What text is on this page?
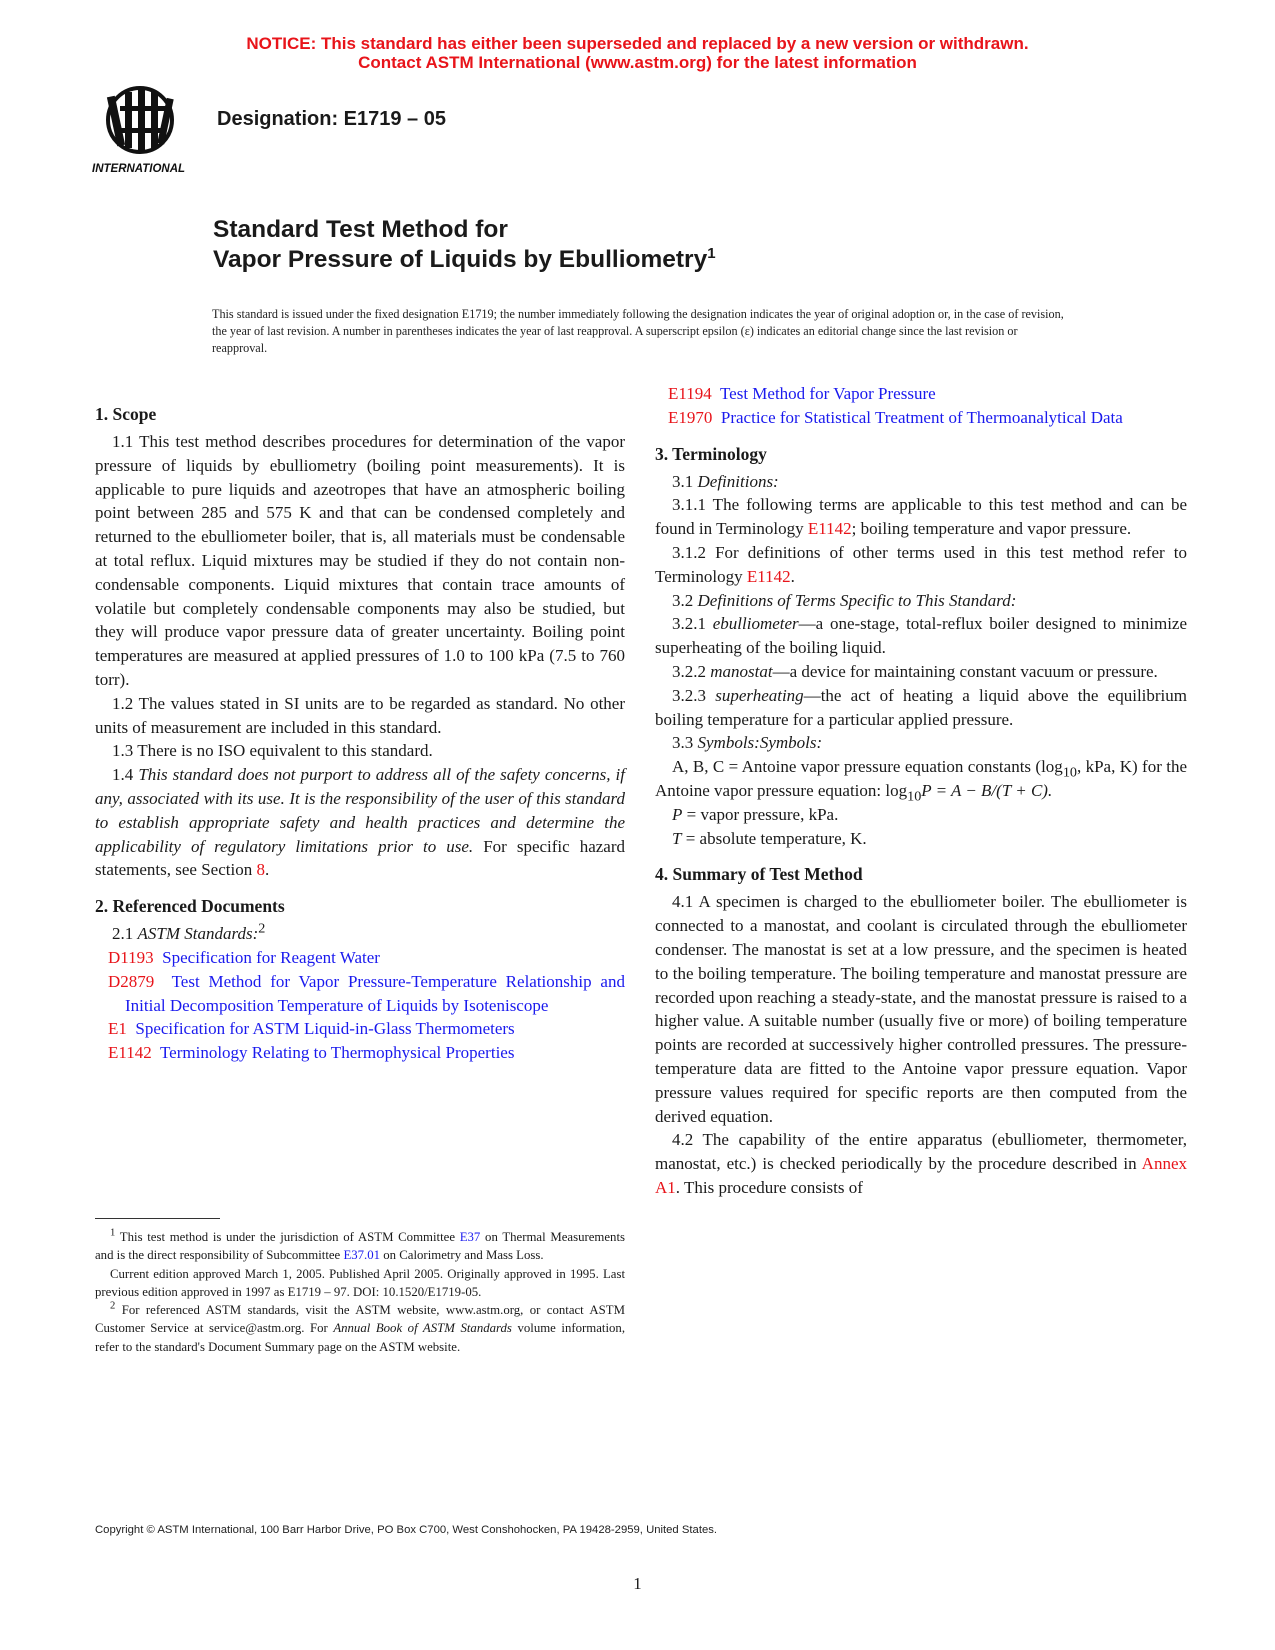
NOTICE: This standard has either been superseded and replaced by a new version or withdrawn.
Contact ASTM International (www.astm.org) for the latest information
INTERNATIONAL
Designation: E1719 – 05
Standard Test Method for
Vapor Pressure of Liquids by Ebulliometry$^1$
This standard is issued under the fixed designation E1719; the number immediately following the designation indicates the year of original adoption or, in the case of revision, the year of last revision. A number in parentheses indicates the year of last reapproval. A superscript epsilon (ε) indicates an editorial change since the last revision or reapproval.
1. Scope

1.1 This test method describes procedures for determination of the vapor pressure of liquids by ebulliometry (boiling point measurements). It is applicable to pure liquids and azeotropes that have an atmospheric boiling point between 285 and 575 K and that can be condensed completely and returned to the ebulliometer boiler, that is, all materials must be condensable at total reflux. Liquid mixtures may be studied if they do not contain non-condensable components. Liquid mixtures that contain trace amounts of volatile but completely condensable components may also be studied, but they will produce vapor pressure data of greater uncertainty. Boiling point temperatures are measured at applied pressures of 1.0 to 100 kPa (7.5 to 760 torr).

1.2 The values stated in SI units are to be regarded as standard. No other units of measurement are included in this standard.

1.3 There is no ISO equivalent to this standard.

1.4 This standard does not purport to address all of the safety concerns, if any, associated with its use. It is the responsibility of the user of this standard to establish appropriate safety and health practices and determine the applicability of regulatory limitations prior to use. For specific hazard statements, see Section 8.

2. Referenced Documents

2.1 ASTM Standards:$^2$

D1193 Specification for Reagent Water

D2879 Test Method for Vapor Pressure-Temperature Relationship and Initial Decomposition Temperature of Liquids by Isoteniscope

E1 Specification for ASTM Liquid-in-Glass Thermometers

E1142 Terminology Relating to Thermophysical Properties

E1194 Test Method for Vapor Pressure

E1970 Practice for Statistical Treatment of Thermoanalytical Data

3. Terminology

3.1 Definitions:

3.1.1 The following terms are applicable to this test method and can be found in Terminology E1142; boiling temperature and vapor pressure.

3.1.2 For definitions of other terms used in this test method refer to Terminology E1142.

3.2 Definitions of Terms Specific to This Standard:

3.2.1 ebulliometer—a one-stage, total-reflux boiler designed to minimize superheating of the boiling liquid.

3.2.2 manostat—a device for maintaining constant vacuum or pressure.

3.2.3 superheating—the act of heating a liquid above the equilibrium boiling temperature for a particular applied pressure.

3.3 Symbols:Symbols:

A, B, C = Antoine vapor pressure equation constants ($\log_{10}$, kPa, K) for the Antoine vapor pressure equation: $\log_{10}P = A - B/(T + C)$.

P = vapor pressure, kPa.

T = absolute temperature, K.

4. Summary of Test Method

4.1 A specimen is charged to the ebulliometer boiler. The ebulliometer is connected to a manostat, and coolant is circulated through the ebulliometer condenser. The manostat is set at a low pressure, and the specimen is heated to the boiling temperature. The boiling temperature and manostat pressure are recorded upon reaching a steady-state, and the manostat pressure is raised to a higher value. A suitable number (usually five or more) of boiling temperature points are recorded at successively higher controlled pressures. The pressure-temperature data are fitted to the Antoine vapor pressure equation. Vapor pressure values required for specific reports are then computed from the derived equation.

4.2 The capability of the entire apparatus (ebulliometer, thermometer, manostat, etc.) is checked periodically by the procedure described in Annex A1. This procedure consists of

$^1$ This test method is under the jurisdiction of ASTM Committee E37 on Thermal Measurements and is the direct responsibility of Subcommittee E37.01 on Calorimetry and Mass Loss.

Current edition approved March 1, 2005. Published April 2005. Originally approved in 1995. Last previous edition approved in 1997 as E1719 – 97. DOI: 10.1520/E1719-05.

$^2$ For referenced ASTM standards, visit the ASTM website, www.astm.org, or contact ASTM Customer Service at service@astm.org. For Annual Book of ASTM Standards volume information, refer to the standard's Document Summary page on the ASTM website.

Copyright © ASTM International, 100 Barr Harbor Drive, PO Box C700, West Conshohocken, PA 19428-2959, United States.
1
